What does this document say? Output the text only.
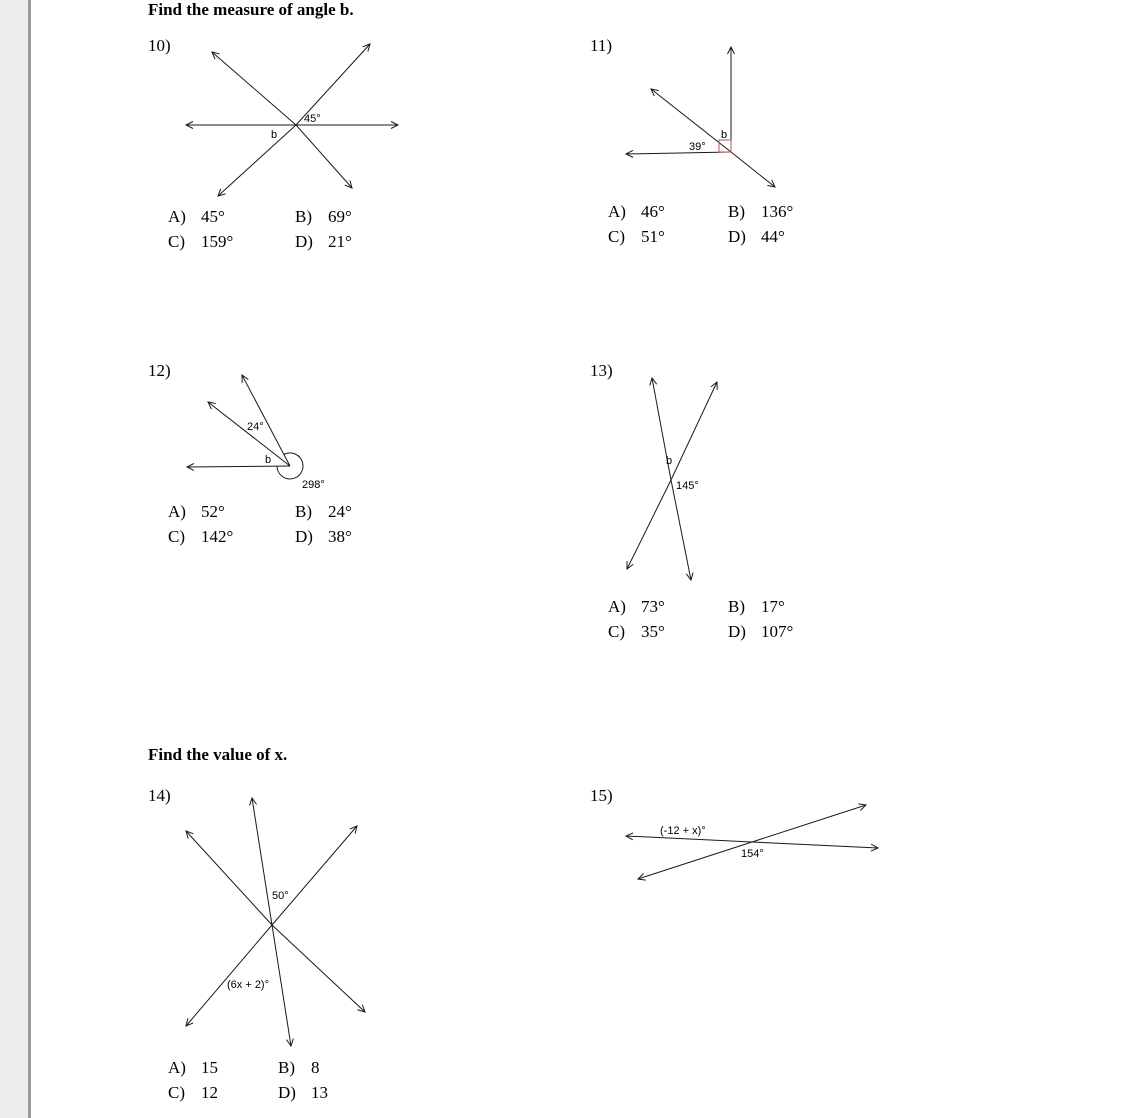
Find the measure of angle b.
10)
45°
b
A) 45°	B) 69°
C) 159°	D) 21°
11)
b
39°
A) 46°	B) 136°
C) 51°	D) 44°
12)
24°
b
298°
A) 52°	B) 24°
C) 142°	D) 38°
13)
b
145°
A) 73°	B) 17°
C) 35°	D) 107°
Find the value of x.
14)
50°
(6x + 2)°
A) 15	B) 8
C) 12	D) 13
15)
(-12 + x)°
154°
